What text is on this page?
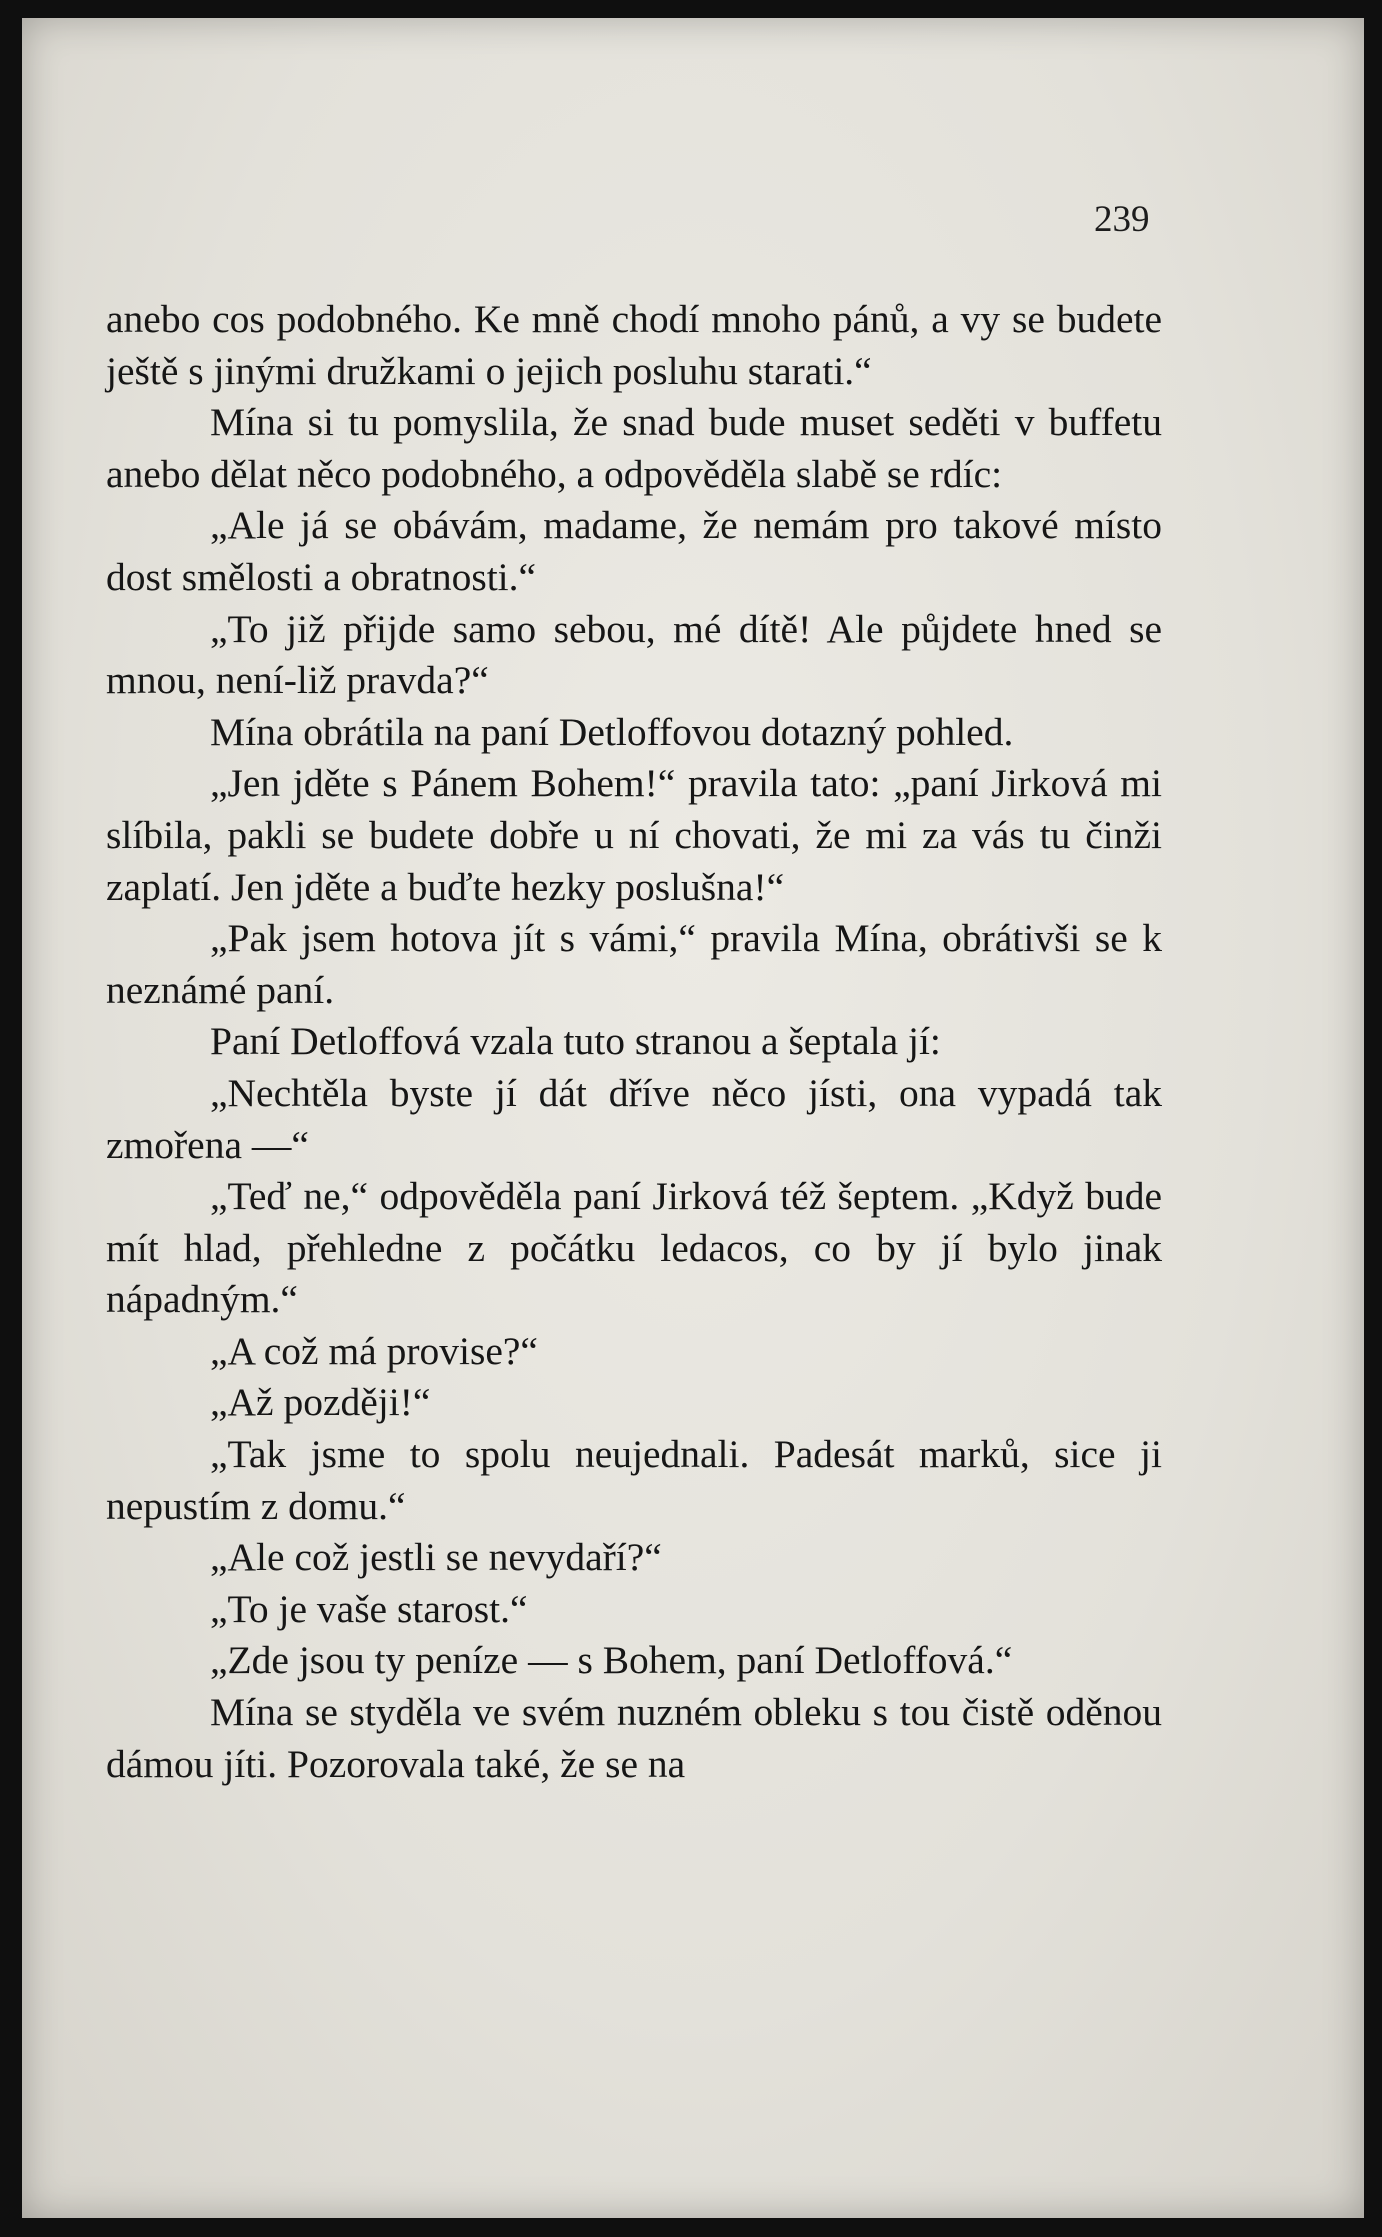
239

anebo cos podobného. Ke mně chodí mnoho pánů, a vy se budete ještě s jinými družkami o jejich posluhu starati.“

Mína si tu pomyslila, že snad bude muset seděti v buffetu anebo dělat něco podobného, a odpověděla slabě se rdíc:

„Ale já se obávám, madame, že nemám pro takové místo dost smělosti a obratnosti.“

„To již přijde samo sebou, mé dítě! Ale půjdete hned se mnou, není-liž pravda?“

Mína obrátila na paní Detloffovou dotazný pohled.

„Jen jděte s Pánem Bohem!“ pravila tato: „paní Jirková mi slíbila, pakli se budete dobře u ní chovati, že mi za vás tu činži zaplatí. Jen jděte a buďte hezky poslušna!“

„Pak jsem hotova jít s vámi,“ pravila Mína, obrátivši se k neznámé paní.

Paní Detloffová vzala tuto stranou a šeptala jí:

„Nechtěla byste jí dát dříve něco jísti, ona vypadá tak zmořena —“

„Teď ne,“ odpověděla paní Jirková též šeptem. „Když bude mít hlad, přehledne z počátku ledacos, co by jí bylo jinak nápadným.“

„A což má provise?“

„Až později!“

„Tak jsme to spolu neujednali. Padesát marků, sice ji nepustím z domu.“

„Ale což jestli se nevydaří?“

„To je vaše starost.“

„Zde jsou ty peníze — s Bohem, paní Detloffová.“

Mína se styděla ve svém nuzném obleku s tou čistě oděnou dámou jíti. Pozorovala také, že se na
